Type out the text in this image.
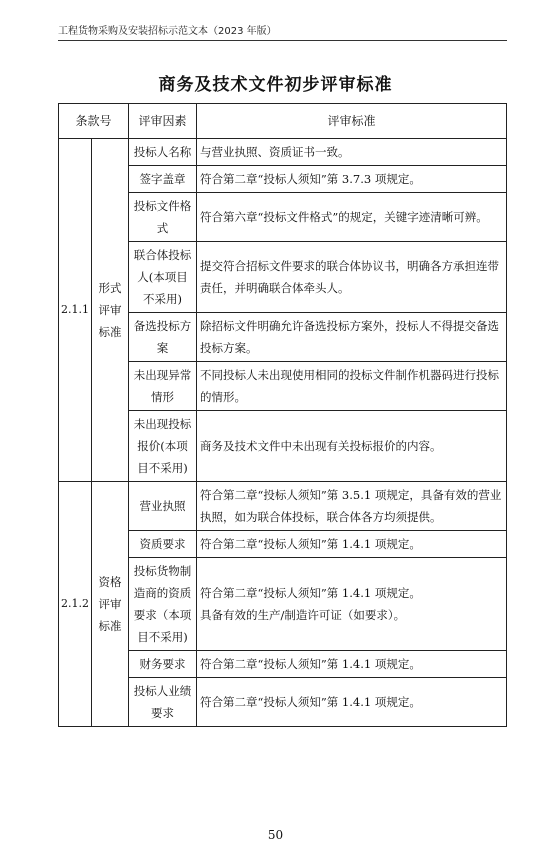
工程货物采购及安装招标示范文本（2023 年版）
商务及技术文件初步评审标准
条款号		评审因素	评审标准
2.1.1	形式评审标准	投标人名称	与营业执照、资质证书一致。
		签字盖章	符合第二章“投标人须知”第 3.7.3 项规定。
		投标文件格式	符合第六章“投标文件格式”的规定，关键字迹清晰可辨。
		联合体投标人(本项目不采用)	提交符合招标文件要求的联合体协议书，明确各方承担连带责任，并明确联合体牵头人。
		备选投标方案	除招标文件明确允许备选投标方案外，投标人不得提交备选投标方案。
		未出现异常情形	不同投标人未出现使用相同的投标文件制作机器码进行投标的情形。
		未出现投标报价(本项目不采用)	商务及技术文件中未出现有关投标报价的内容。
2.1.2	资格评审标准	营业执照	符合第二章“投标人须知”第 3.5.1 项规定，具备有效的营业执照，如为联合体投标，联合体各方均须提供。
		资质要求	符合第二章“投标人须知”第 1.4.1 项规定。
		投标货物制造商的资质要求（本项目不采用)	符合第二章“投标人须知”第 1.4.1 项规定。
具备有效的生产/制造许可证（如要求）。
		财务要求	符合第二章“投标人须知”第 1.4.1 项规定。
		投标人业绩要求	符合第二章“投标人须知”第 1.4.1 项规定。
50
